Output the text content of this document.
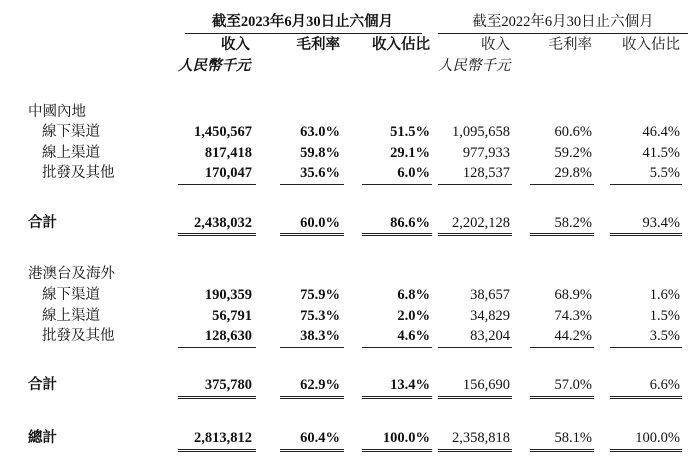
截至2023年6月30日止六個月	截至2022年6月30日止六個月
收入	毛利率	收入佔比	收入	毛利率	收入佔比
人民幣千元	人民幣千元
中國內地
線下渠道	1,450,567	63.0%	51.5%	1,095,658	60.6%	46.4%
線上渠道	817,418	59.8%	29.1%	977,933	59.2%	41.5%
批發及其他	170,047	35.6%	6.0%	128,537	29.8%	5.5%
合計	2,438,032	60.0%	86.6%	2,202,128	58.2%	93.4%
港澳台及海外
線下渠道	190,359	75.9%	6.8%	38,657	68.9%	1.6%
線上渠道	56,791	75.3%	2.0%	34,829	74.3%	1.5%
批發及其他	128,630	38.3%	4.6%	83,204	44.2%	3.5%
合計	375,780	62.9%	13.4%	156,690	57.0%	6.6%
總計	2,813,812	60.4%	100.0%	2,358,818	58.1%	100.0%
